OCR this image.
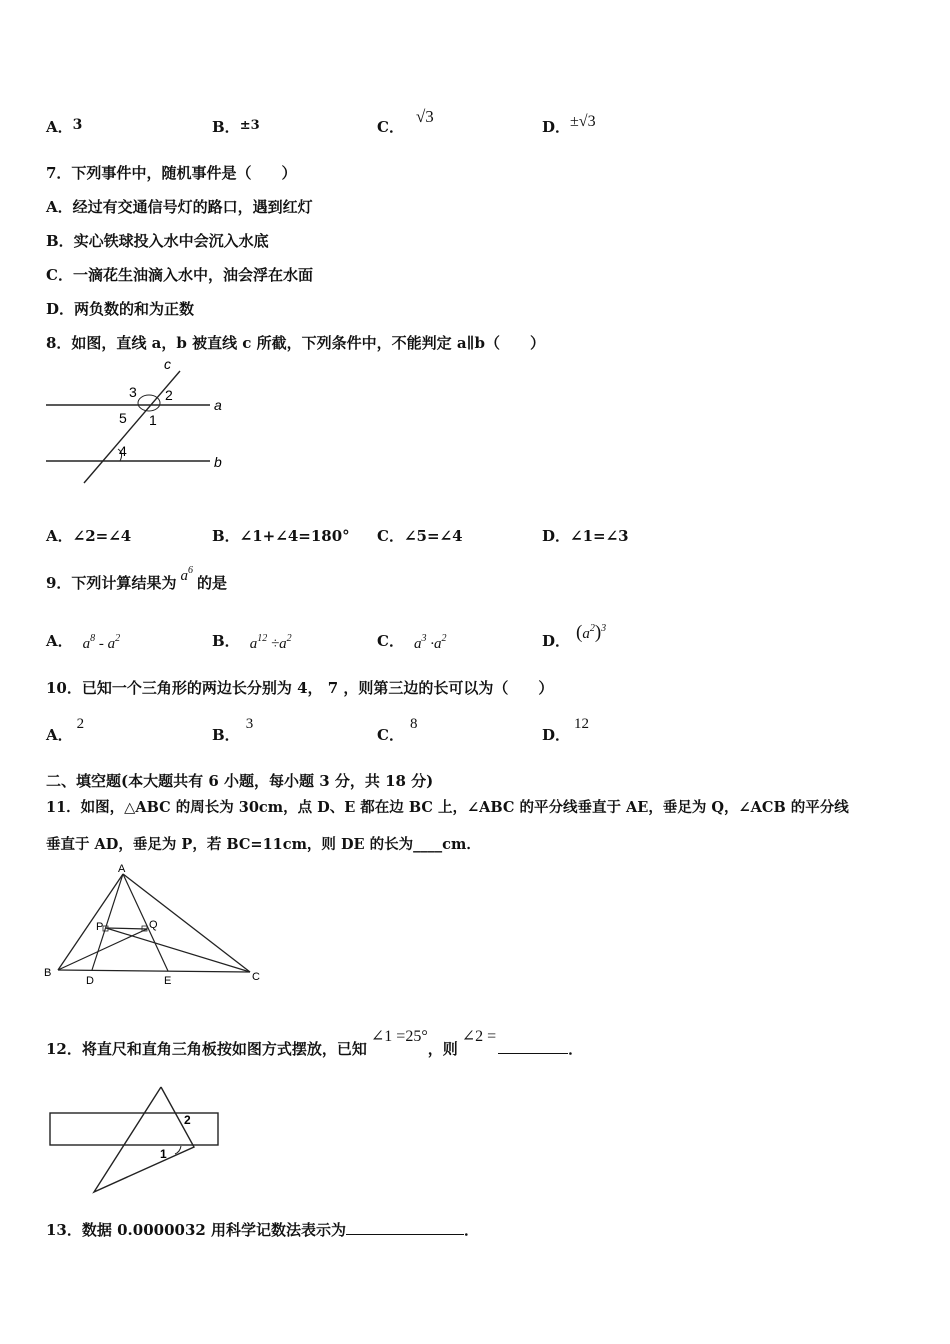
A．3	B．±3	C．√3
D．±√3
7．下列事件中，随机事件是（　　）
A．经过有交通信号灯的路口，遇到红灯
B．实心铁球投入水中会沉入水底
C．一滴花生油滴入水中，油会浮在水面
D．两负数的和为正数
8．如图，直线 a，b 被直线 c 所截，下列条件中，不能判定 a∥b（　　）
c
a
b
3 2
5 1
4
A．∠2=∠4	B．∠1+∠4=180° C．∠5=∠4	D．∠1=∠3
9．下列计算结果为 $a^6$的是
A． $a^8 - a^2$	B． $a^{12} \div a^2$	C． $a^3 \cdot a^2$	D． $(a^2)^3$
10．已知一个三角形的两边长分别为 4， 7 ，则第三边的长可以为（　　）
A．2
B．3
C．8
D．12
二、填空题(本大题共有 6 小题，每小题 3 分，共 18 分)
11．如图，△ABC 的周长为 30cm，点 D、E 都在边 BC 上，∠ABC 的平分线垂直于 AE，垂足为 Q，∠ACB 的平分线
垂直于 AD，垂足为 P，若 BC=11cm，则 DE 的长为____cm．
A
B	C
D	E
P	Q
12．将直尺和直角三角板按如图方式摆放，已知∠1 =25°，则∠2 =．
2
1
13．数据 0.0000032 用科学记数法表示为	．
